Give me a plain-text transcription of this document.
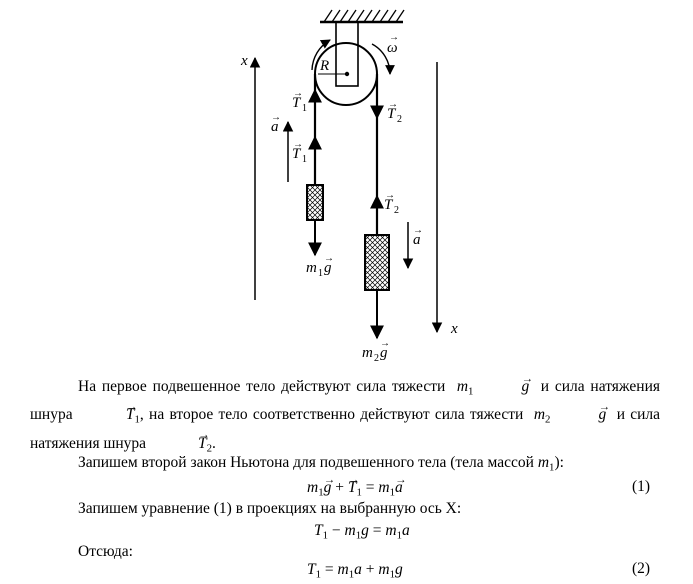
x
x
ω
→
R
T
→
1	T
→
2
a
→
T
→
1
T
→
2
a
→
m 1 g
→
m 2 g
→
На первое подвешенное тело действуют сила тяжести $m_1\to$	g и сила натяжения шнура →	$T_1$, на второе тело соответственно действуют сила тяжести $m_2\to$	g и сила натяжения шнура →	$T_2$.
Запишем второй закон Ньютона для подвешенного тела (тела массой $m_1$):
$m_1\to g$ + → $T_1 = m_1\to a$	(1)
Запишем уравнение (1) в проекциях на выбранную ось X:
$T_1 - m_1g = m_1a$
Отсюда:
$T_1 = m_1a + m_1g$	(2)
